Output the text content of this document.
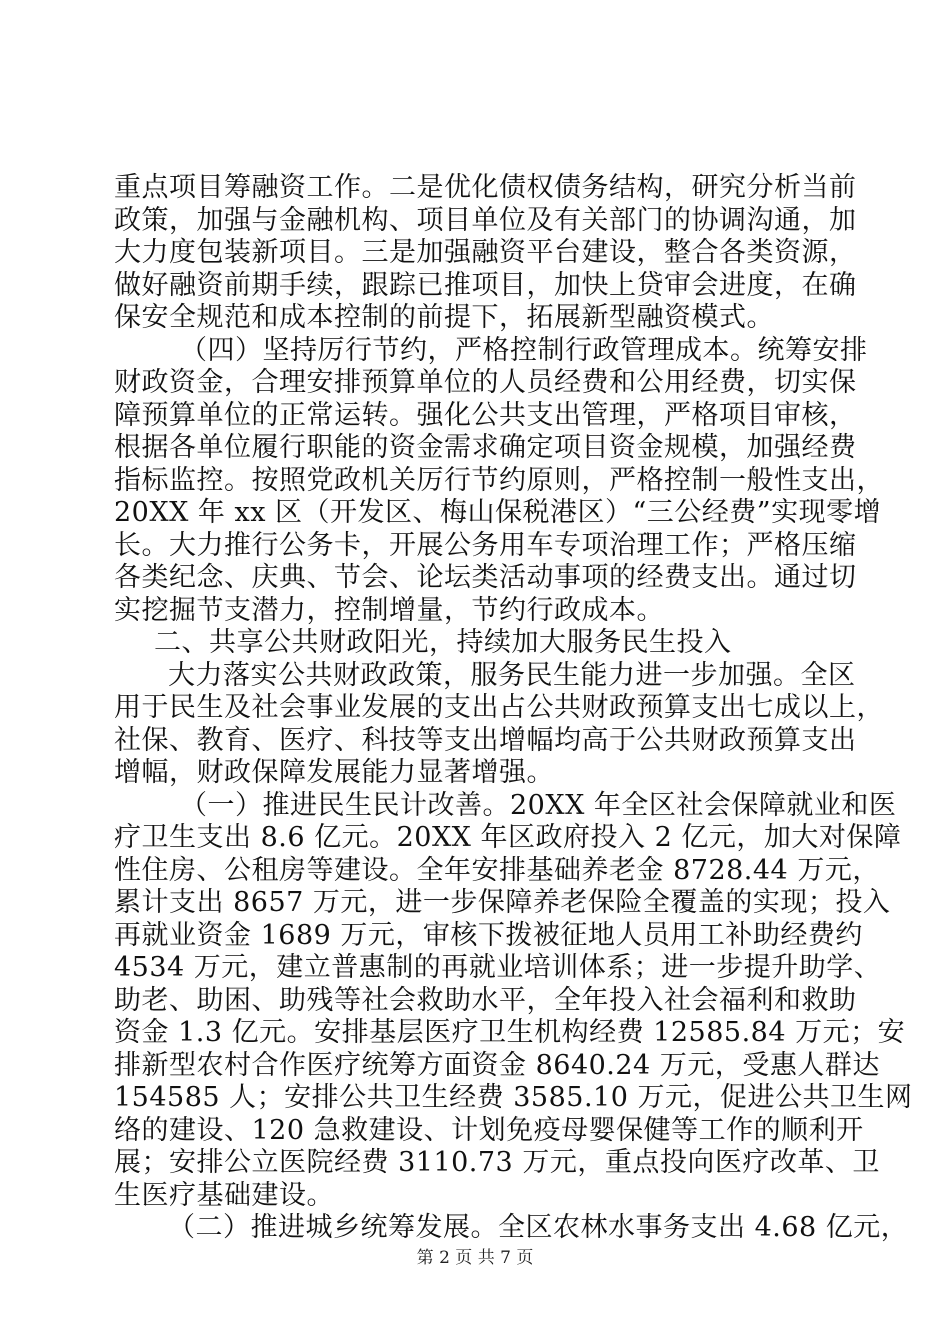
重点项目筹融资工作。二是优化债权债务结构，研究分析当前
政策，加强与金融机构、项目单位及有关部门的协调沟通，加
大力度包装新项目。三是加强融资平台建设，整合各类资源，
做好融资前期手续，跟踪已推项目，加快上贷审会进度，在确
保安全规范和成本控制的前提下，拓展新型融资模式。

（四）坚持厉行节约，严格控制行政管理成本。统筹安排
财政资金，合理安排预算单位的人员经费和公用经费，切实保
障预算单位的正常运转。强化公共支出管理，严格项目审核，
根据各单位履行职能的资金需求确定项目资金规模，加强经费
指标监控。按照党政机关厉行节约原则，严格控制一般性支出，
20XX 年 xx 区（开发区、梅山保税港区）“三公经费”实现零增
长。大力推行公务卡，开展公务用车专项治理工作；严格压缩
各类纪念、庆典、节会、论坛类活动事项的经费支出。通过切
实挖掘节支潜力，控制增量，节约行政成本。

二、共享公共财政阳光，持续加大服务民生投入

大力落实公共财政政策，服务民生能力进一步加强。全区
用于民生及社会事业发展的支出占公共财政预算支出七成以上，
社保、教育、医疗、科技等支出增幅均高于公共财政预算支出
增幅，财政保障发展能力显著增强。

（一）推进民生民计改善。20XX 年全区社会保障就业和医
疗卫生支出 8.6 亿元。20XX 年区政府投入 2 亿元，加大对保障
性住房、公租房等建设。全年安排基础养老金 8728.44 万元，
累计支出 8657 万元，进一步保障养老保险全覆盖的实现；投入
再就业资金 1689 万元，审核下拨被征地人员用工补助经费约
4534 万元，建立普惠制的再就业培训体系；进一步提升助学、
助老、助困、助残等社会救助水平，全年投入社会福利和救助
资金 1.3 亿元。安排基层医疗卫生机构经费 12585.84 万元；安
排新型农村合作医疗统筹方面资金 8640.24 万元，受惠人群达
154585 人；安排公共卫生经费 3585.10 万元，促进公共卫生网
络的建设、120 急救建设、计划免疫母婴保健等工作的顺利开
展；安排公立医院经费 3110.73 万元，重点投向医疗改革、卫
生医疗基础建设。

（二）推进城乡统筹发展。全区农林水事务支出 4.68 亿元，

第 2 页 共 7 页
